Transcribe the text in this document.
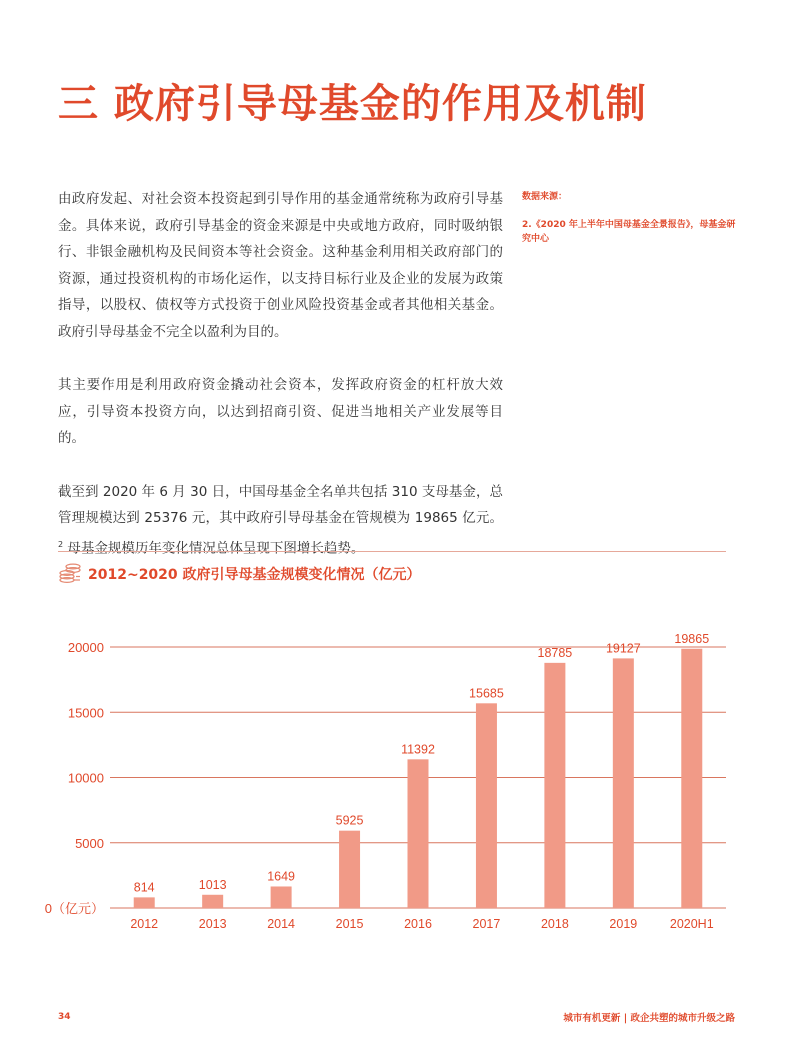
三 政府引导母基金的作用及机制

由政府发起、对社会资本投资起到引导作用的基金通常统称为政府引导基金。具体来说，政府引导基金的资金来源是中央或地方政府，同时吸纳银行、非银金融机构及民间资本等社会资金。这种基金利用相关政府部门的资源，通过投资机构的市场化运作，以支持目标行业及企业的发展为政策指导，以股权、债权等方式投资于创业风险投资基金或者其他相关基金。政府引导母基金不完全以盈利为目的。

其主要作用是利用政府资金撬动社会资本，发挥政府资金的杠杆放大效应，引导资本投资方向，以达到招商引资、促进当地相关产业发展等目的。

截至到 2020 年 6 月 30 日，中国母基金全名单共包括 310 支母基金，总管理规模达到 25376 元，其中政府引导母基金在管规模为 19865 亿元。$^2$ 母基金规模历年变化情况总体呈现下图增长趋势。

数据来源：
2.《2020 年上半年中国母基金全景报告》，母基金研究中心
2012~2020 政府引导母基金规模变化情况（亿元）
0（亿元）
5000
10000
15000
20000
814
2012
1013
2013
1649
2014
5925
2015
11392
2016
15685
2017
18785
2018
19127
2019
19865
2020H1
34	城市有机更新 | 政企共塑的城市升级之路
